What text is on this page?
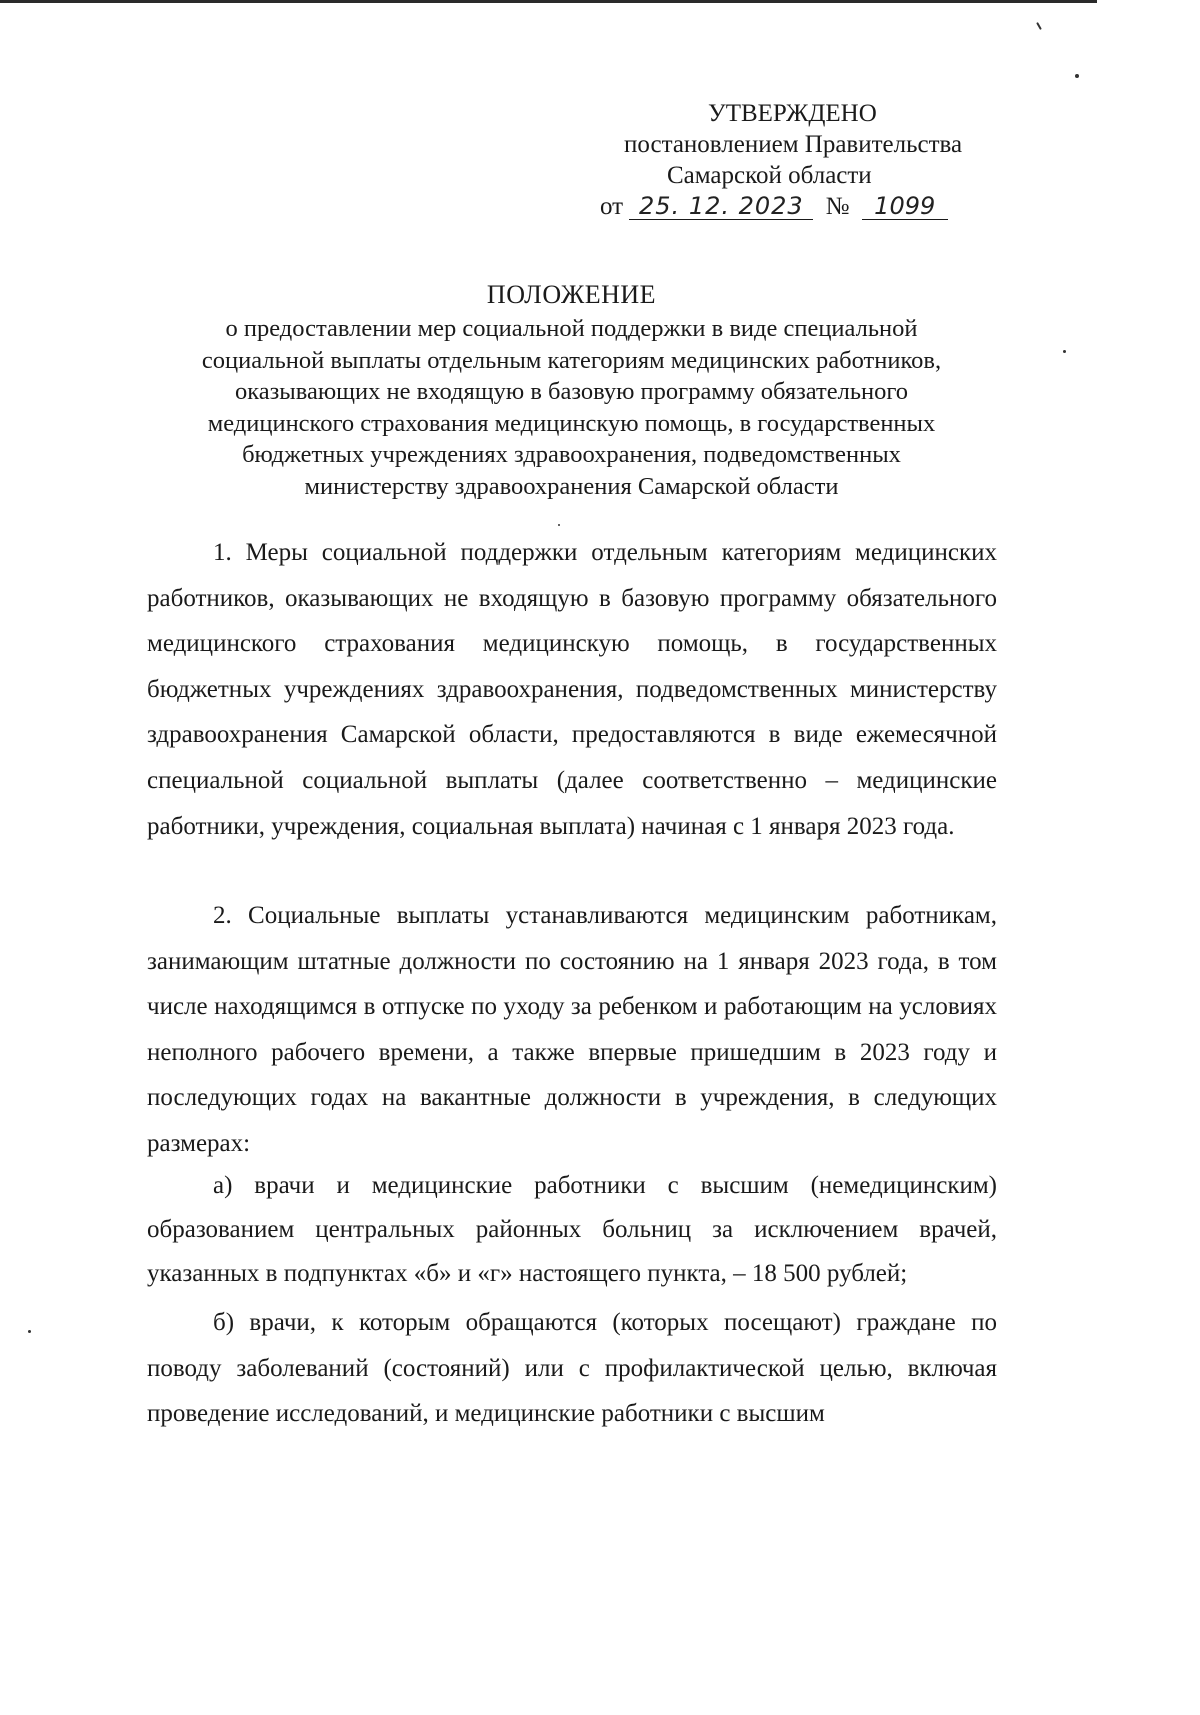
УТВЕРЖДЕНО
постановлением Правительства
Самарской области
от 25. 12. 2023 № 1099
ПОЛОЖЕНИЕ
о предоставлении мер социальной поддержки в виде специальной
социальной выплаты отдельным категориям медицинских работников,
оказывающих не входящую в базовую программу обязательного
медицинского страхования медицинскую помощь, в государственных
бюджетных учреждениях здравоохранения, подведомственных
министерству здравоохранения Самарской области

1. Меры социальной поддержки отдельным категориям медицинских работников, оказывающих не входящую в базовую программу обязательного медицинского страхования медицинскую помощь, в государственных бюджетных учреждениях здравоохранения, подведомственных министерству здравоохранения Самарской области, предоставляются в виде ежемесячной специальной социальной выплаты (далее соответственно – медицинские работники, учреждения, социальная выплата) начиная с 1 января 2023 года.

2. Социальные выплаты устанавливаются медицинским работникам, занимающим штатные должности по состоянию на 1 января 2023 года, в том числе находящимся в отпуске по уходу за ребенком и работающим на условиях неполного рабочего времени, а также впервые пришедшим в 2023 году и последующих годах на вакантные должности в учреждения, в следующих размерах:

а) врачи и медицинские работники с высшим (немедицинским) образованием центральных районных больниц за исключением врачей, указанных в подпунктах «б» и «г» настоящего пункта, – 18 500 рублей;

б) врачи, к которым обращаются (которых посещают) граждане по поводу заболеваний (состояний) или с профилактической целью, включая проведение исследований, и медицинские работники с высшим
